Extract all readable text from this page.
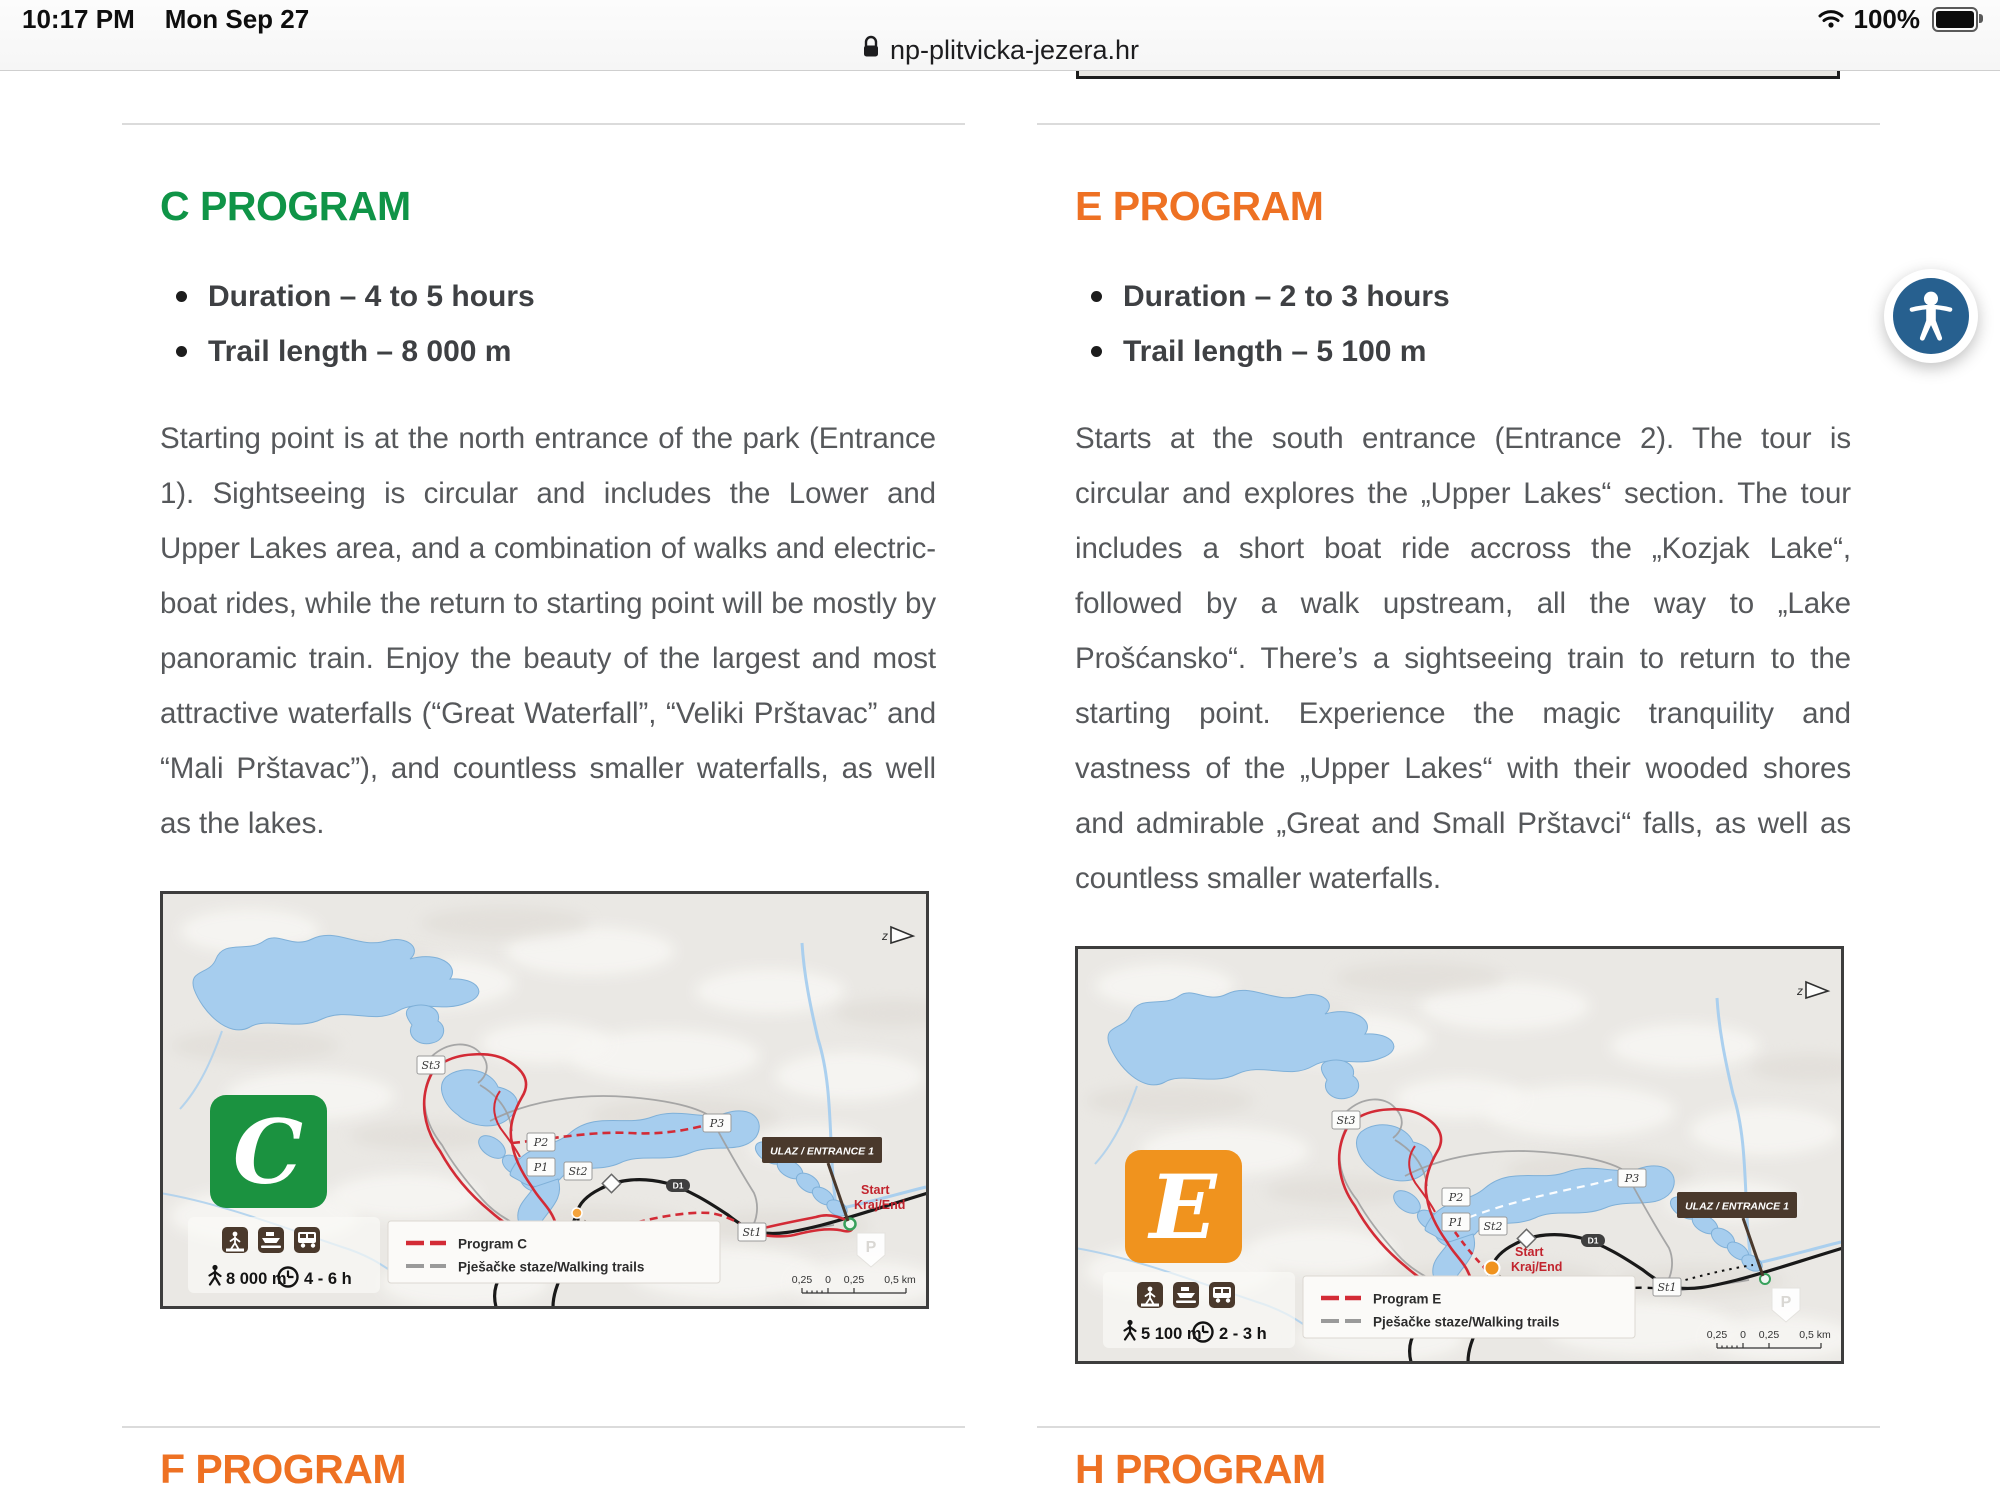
10:17 PM Mon Sep 27	100%
np-plitvicka-jezera.hr
C PROGRAM
Duration – 4 to 5 hours
Trail length – 8 000 m

Starting point is at the north entrance of the park (Entrance 1). Sightseeing is circular and includes the Lower and Upper Lakes area, and a combination of walks and electric-boat rides, while the return to starting point will be mostly by panoramic train. Enjoy the beauty of the largest and most attractive waterfalls (“Great Waterfall”, “Veliki Prštavac” and “Mali Prštavac”), and countless smaller waterfalls, as well as the lakes.

D1
P
Start
Kraj/End
ULAZ / ENTRANCE 1
St3
P3
P2
P1 St2
St1
C
8 000 m 4 - 6 h
Program C
Pješačke staze/Walking trails
0,25 0 0,25 0,5 km
z
E PROGRAM
Duration – 2 to 3 hours
Trail length – 5 100 m

Starts at the south entrance (Entrance 2). The tour is circular and explores the „Upper Lakes“ section. The tour includes a short boat ride accross the „Kozjak Lake“, followed by a walk upstream, all the way to „Lake Prošćansko“. There’s a sightseeing train to return to the starting point. Experience the magic tranquility and vastness of the „Upper Lakes“ with their wooded shores and admirable „Great and Small Prštavci“ falls, as well as countless smaller waterfalls.

D1
P
Start
Kraj/End
ULAZ / ENTRANCE 1
St3
P3
P2
P1 St2
St1
E
5 100 m 2 - 3 h
Program E
Pješačke staze/Walking trails
0,25 0 0,25 0,5 km
z
F PROGRAM	H PROGRAM
